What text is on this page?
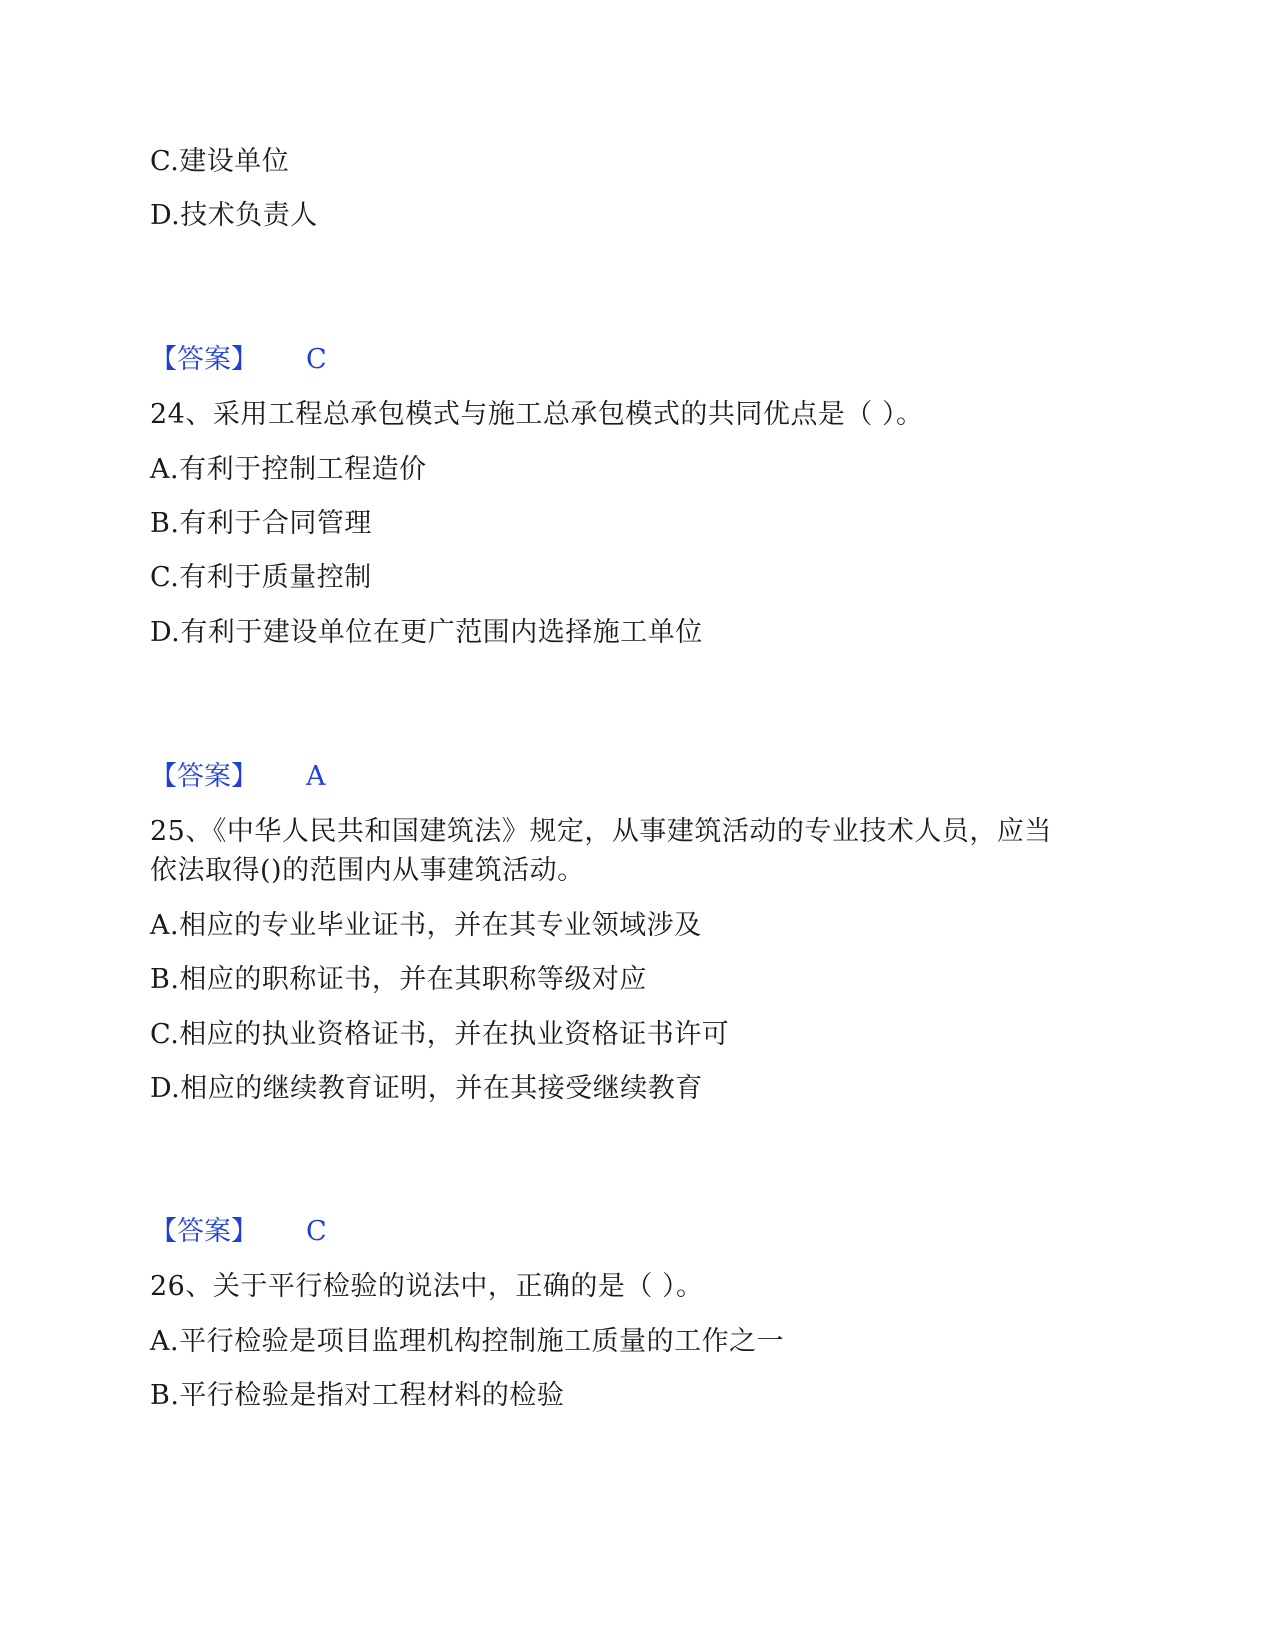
C.建设单位
D.技术负责人
【答案】 C
24、采用工程总承包模式与施工总承包模式的共同优点是（ ）。
A.有利于控制工程造价
B.有利于合同管理
C.有利于质量控制
D.有利于建设单位在更广范围内选择施工单位
【答案】 A
25、《中华人民共和国建筑法》规定，从事建筑活动的专业技术人员，应当
依法取得()的范围内从事建筑活动。
A.相应的专业毕业证书，并在其专业领域涉及
B.相应的职称证书，并在其职称等级对应
C.相应的执业资格证书，并在执业资格证书许可
D.相应的继续教育证明，并在其接受继续教育
【答案】 C
26、关于平行检验的说法中，正确的是（ ）。
A.平行检验是项目监理机构控制施工质量的工作之一
B.平行检验是指对工程材料的检验
